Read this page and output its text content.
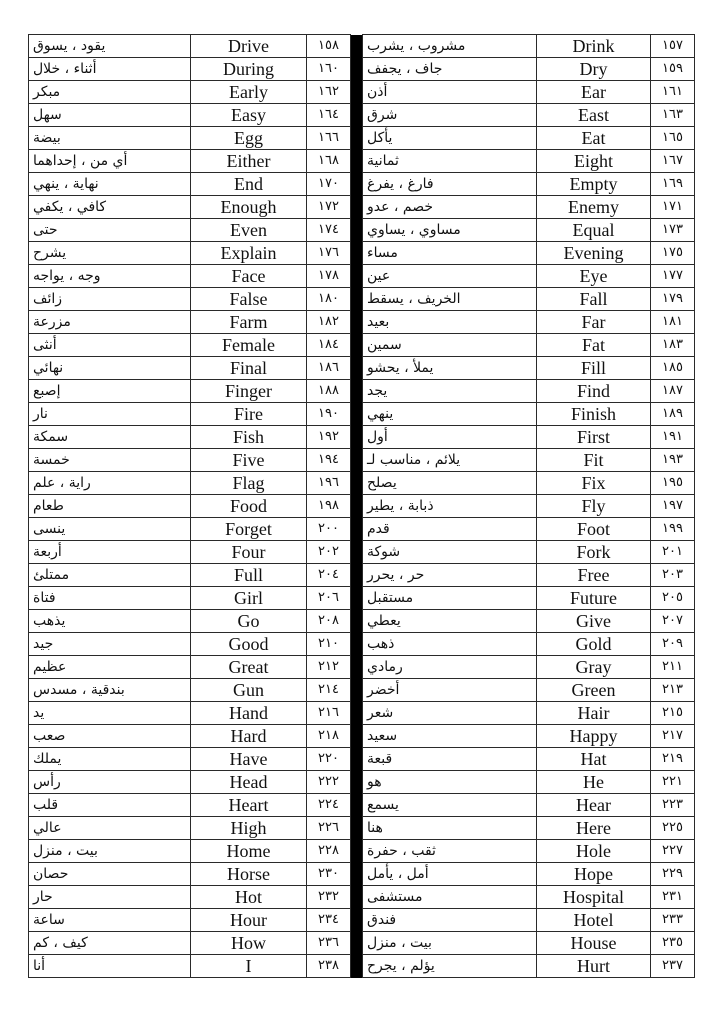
يقود ، يسوق	Drive	١٥٨		مشروب ، يشرب	Drink	١٥٧
أثناء ، خلال	During	١٦٠		جاف ، يجفف	Dry	١٥٩
مبكر	Early	١٦٢		أذن	Ear	١٦١
سهل	Easy	١٦٤		شرق	East	١٦٣
بيضة	Egg	١٦٦		يأكل	Eat	١٦٥
أي من ، إحداهما	Either	١٦٨		ثمانية	Eight	١٦٧
نهاية ، ينهي	End	١٧٠		فارغ ، يفرغ	Empty	١٦٩
كافي ، يكفي	Enough	١٧٢		خصم ، عدو	Enemy	١٧١
حتى	Even	١٧٤		مساوي ، يساوي	Equal	١٧٣
يشرح	Explain	١٧٦		مساء	Evening	١٧٥
وجه ، يواجه	Face	١٧٨		عين	Eye	١٧٧
زائف	False	١٨٠		الخريف ، يسقط	Fall	١٧٩
مزرعة	Farm	١٨٢		بعيد	Far	١٨١
أنثى	Female	١٨٤		سمين	Fat	١٨٣
نهائي	Final	١٨٦		يملأ ، يحشو	Fill	١٨٥
إصبع	Finger	١٨٨		يجد	Find	١٨٧
نار	Fire	١٩٠		ينهي	Finish	١٨٩
سمكة	Fish	١٩٢		أول	First	١٩١
خمسة	Five	١٩٤		يلائم ، مناسب لـ	Fit	١٩٣
راية ، علم	Flag	١٩٦		يصلح	Fix	١٩٥
طعام	Food	١٩٨		ذبابة ، يطير	Fly	١٩٧
ينسى	Forget	٢٠٠		قدم	Foot	١٩٩
أربعة	Four	٢٠٢		شوكة	Fork	٢٠١
ممتلئ	Full	٢٠٤		حر ، يحرر	Free	٢٠٣
فتاة	Girl	٢٠٦		مستقبل	Future	٢٠٥
يذهب	Go	٢٠٨		يعطي	Give	٢٠٧
جيد	Good	٢١٠		ذهب	Gold	٢٠٩
عظيم	Great	٢١٢		رمادي	Gray	٢١١
بندقية ، مسدس	Gun	٢١٤		أخضر	Green	٢١٣
يد	Hand	٢١٦		شعر	Hair	٢١٥
صعب	Hard	٢١٨		سعيد	Happy	٢١٧
يملك	Have	٢٢٠		قبعة	Hat	٢١٩
رأس	Head	٢٢٢		هو	He	٢٢١
قلب	Heart	٢٢٤		يسمع	Hear	٢٢٣
عالي	High	٢٢٦		هنا	Here	٢٢٥
بيت ، منزل	Home	٢٢٨		ثقب ، حفرة	Hole	٢٢٧
حصان	Horse	٢٣٠		أمل ، يأمل	Hope	٢٢٩
حار	Hot	٢٣٢		مستشفى	Hospital	٢٣١
ساعة	Hour	٢٣٤		فندق	Hotel	٢٣٣
كيف ، كم	How	٢٣٦		بيت ، منزل	House	٢٣٥
أنا	I	٢٣٨		يؤلم ، يجرح	Hurt	٢٣٧
